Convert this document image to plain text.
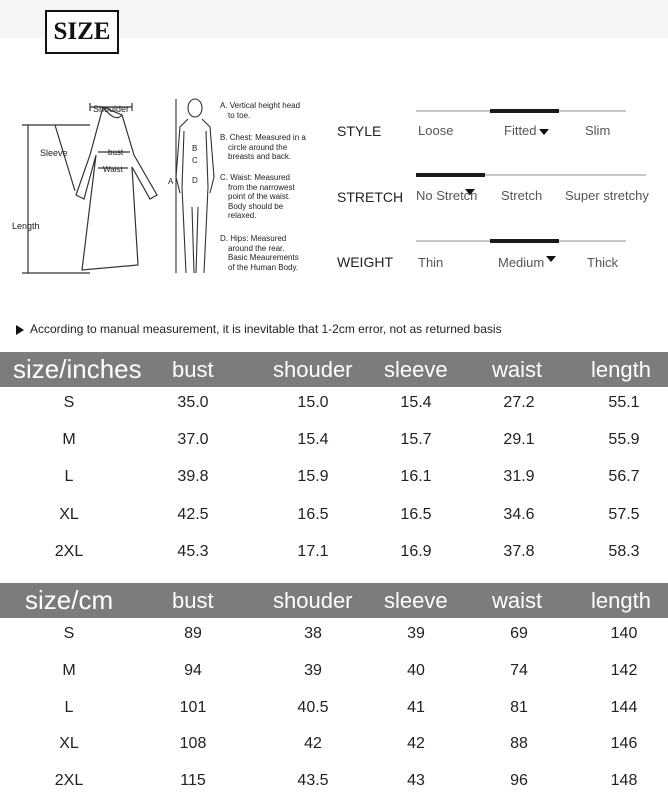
SIZE
Shoulder
Sleeve	bust
Waist
Length
B
C
A D
A. Vertical height head
to toe.
B. Chest: Measured in a
circle around the
breasts and back.
C. Waist: Measured
from the narrowest
point of the waist.
Body should be
relaxed.
D. Hips: Measured
around the rear.
Basic Meaurements
of the Human Body.
STYLE	Loose	Fitted	Slim
STRETCH No Stretch Stretch Super stretchy
WEIGHT Thin	Medium	Thick
According to manual measurement, it is inevitable that 1-2cm error, not as returned basis
size/inches bust	shouder sleeve waist length
S	35.0	15.0	15.4	27.2	55.1
M	37.0	15.4	15.7	29.1	55.9
L	39.8	15.9	16.1	31.9	56.7
XL	42.5	16.5	16.5	34.6	57.5
2XL	45.3	17.1	16.9	37.8	58.3
size/cm	bust	shouder sleeve waist length
S	89	38	39	69	140
M	94	39	40	74	142
L	101	40.5	41	81	144
XL	108	42	42	88	146
2XL	115	43.5	43	96	148
